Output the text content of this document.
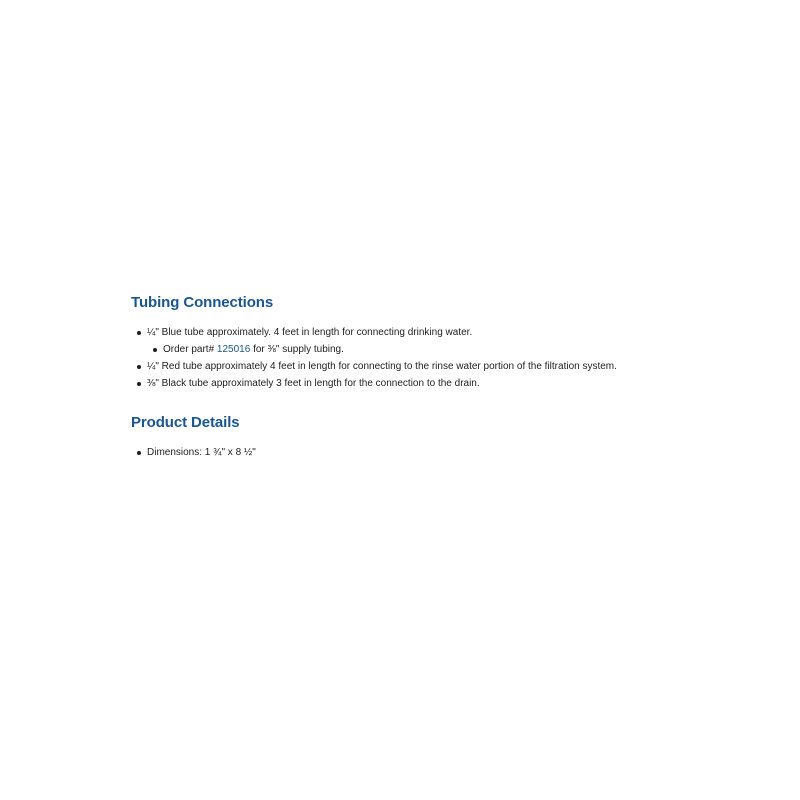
Tubing Connections
¼" Blue tube approximately. 4 feet in length for connecting drinking water.
Order part# 125016 for ⅜" supply tubing.
¼" Red tube approximately 4 feet in length for connecting to the rinse water portion of the filtration system.
⅜" Black tube approximately 3 feet in length for the connection to the drain.
Product Details
Dimensions: 1 ¾" x 8 ½"
